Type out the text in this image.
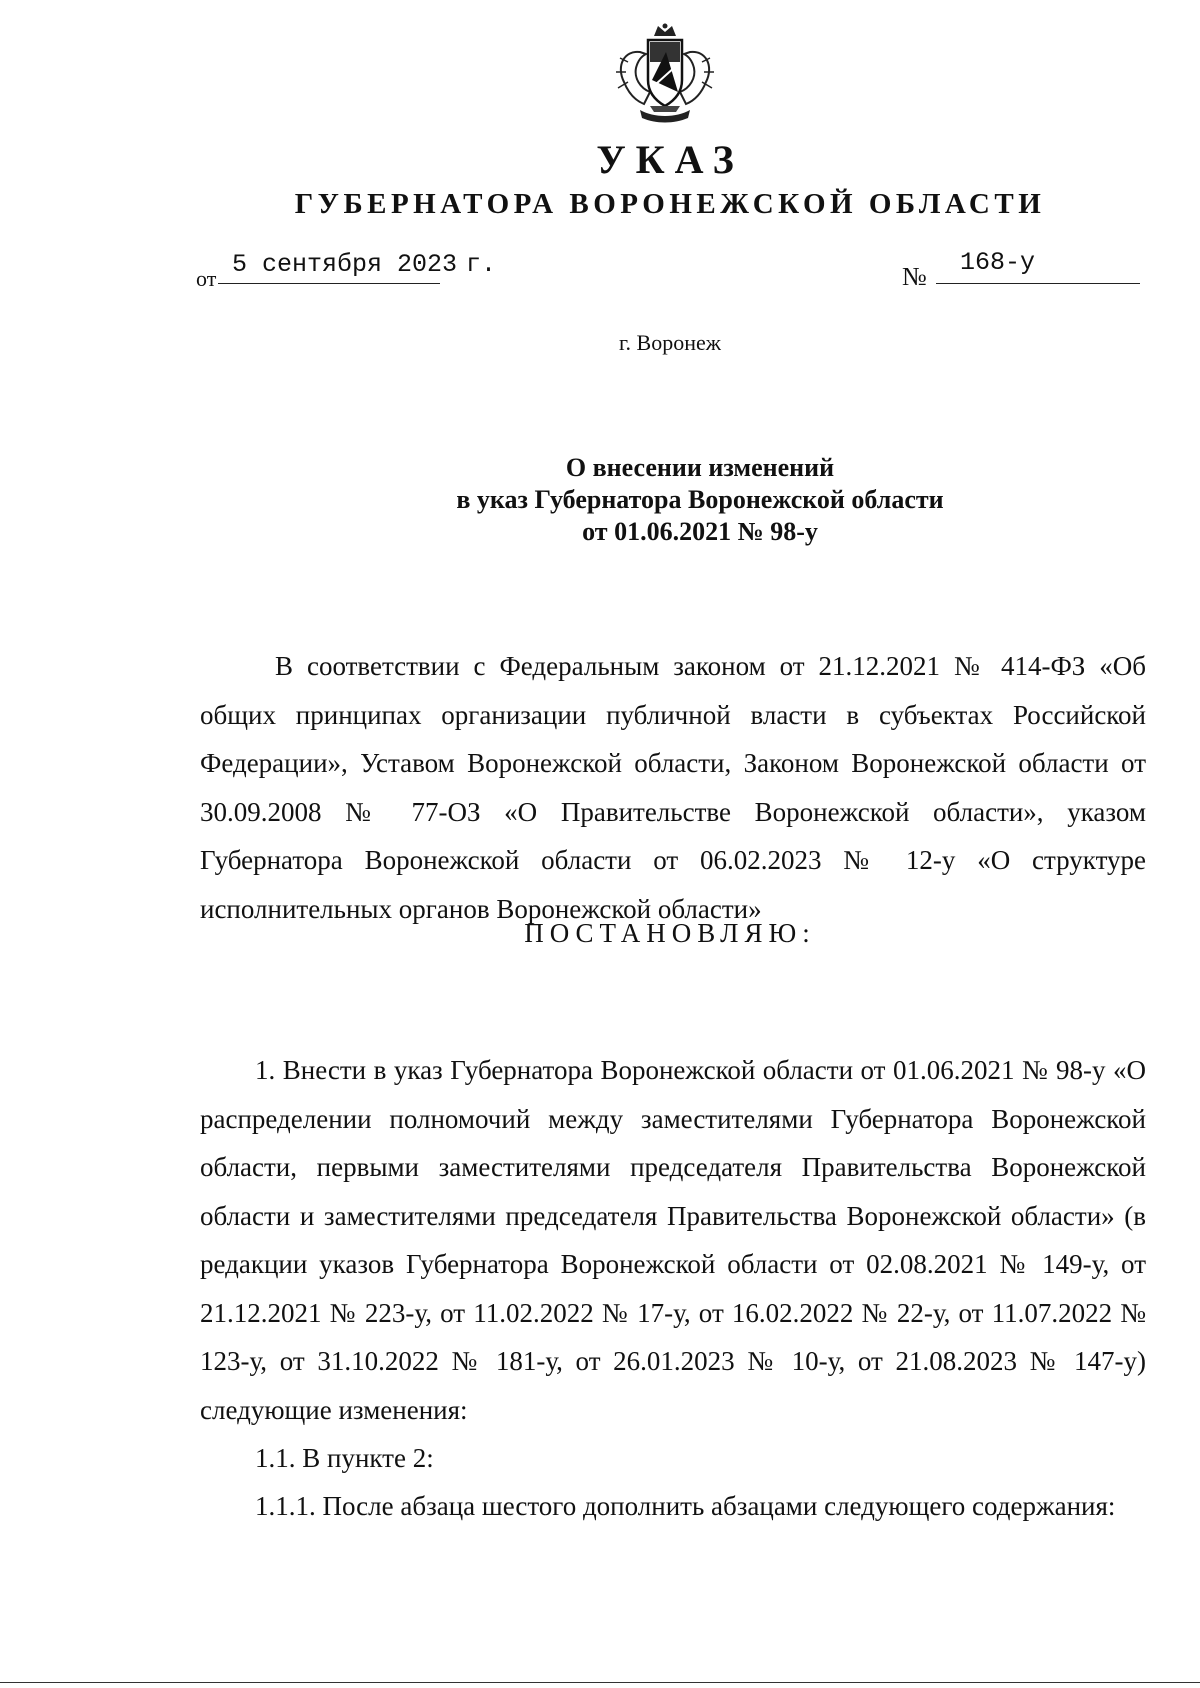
УКАЗ
ГУБЕРНАТОРА ВОРОНЕЖСКОЙ ОБЛАСТИ
от 5 сентября 2023 г.	№	168-у
г. Воронеж
О внесении изменений
в указ Губернатора Воронежской области
от 01.06.2021 № 98-у
В соответствии с Федеральным законом от 21.12.2021 № 414-ФЗ «Об общих принципах организации публичной власти в субъектах Российской Федерации», Уставом Воронежской области, Законом Воронежской области от 30.09.2008 № 77-ОЗ «О Правительстве Воронежской области», указом Губернатора Воронежской области от 06.02.2023 № 12-у «О структуре исполнительных органов Воронежской области»
ПОСТАНОВЛЯЮ:
1. Внести в указ Губернатора Воронежской области от 01.06.2021 № 98-у «О распределении полномочий между заместителями Губернатора Воронежской области, первыми заместителями председателя Правительства Воронежской области и заместителями председателя Правительства Воронежской области» (в редакции указов Губернатора Воронежской области от 02.08.2021 № 149-у, от 21.12.2021 № 223-у, от 11.02.2022 № 17-у, от 16.02.2022 № 22-у, от 11.07.2022 № 123-у, от 31.10.2022 № 181-у, от 26.01.2023 № 10-у, от 21.08.2023 № 147-у) следующие изменения:
1.1. В пункте 2:
1.1.1. После абзаца шестого дополнить абзацами следующего содержания:
